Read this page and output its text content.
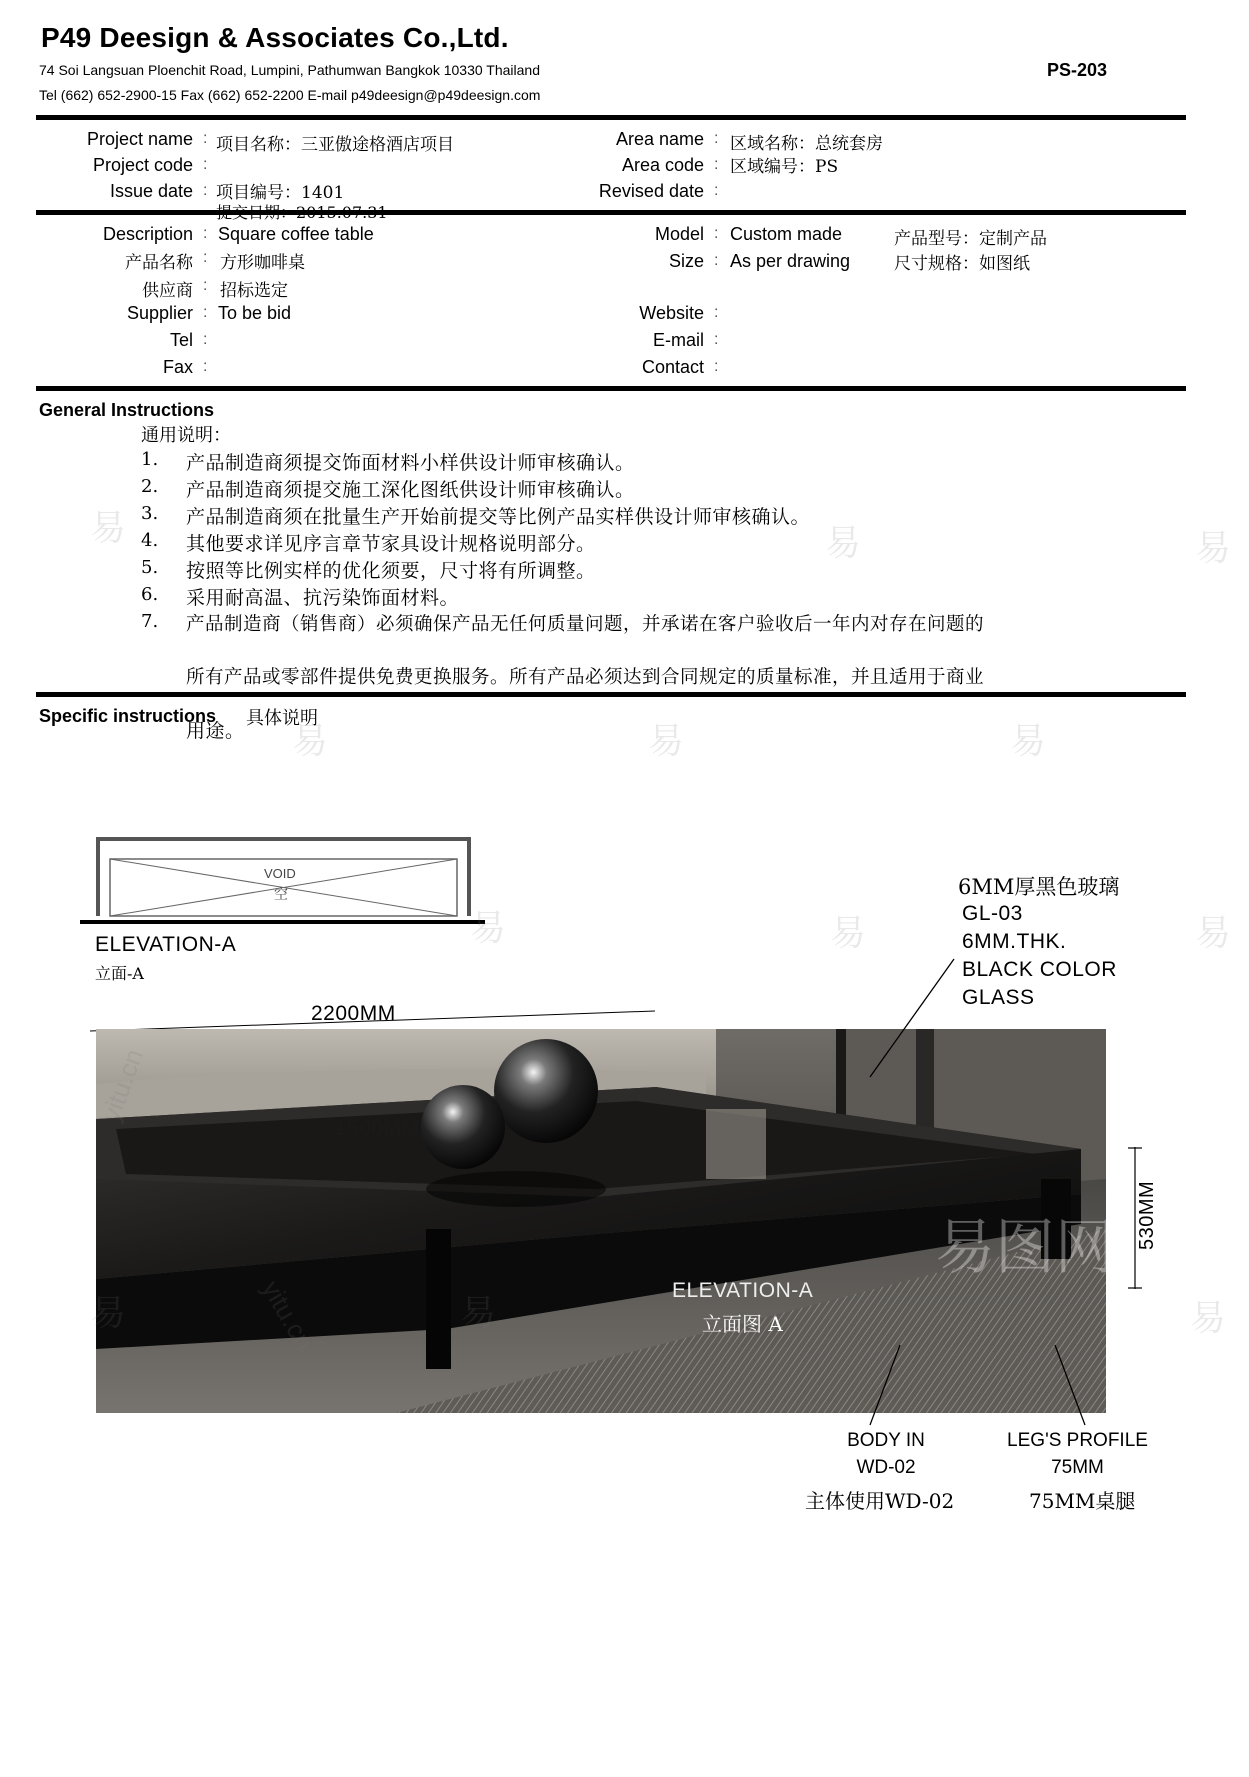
P49 Deesign & Associates Co.,Ltd.
74 Soi Langsuan Ploenchit Road, Lumpini, Pathumwan Bangkok 10330 Thailand
Tel (662) 652-2900-15 Fax (662) 652-2200 E-mail p49deesign@p49deesign.com
PS-203
Project name : 项目名称：三亚傲途格酒店项目
Project code :
Issue date : 项目编号：1401
Area name : 区域名称：总统套房
Area code : 区域编号：PS
Revised date :
Description : Square coffee table
产品名称 : 方形咖啡桌
供应商 : 招标选定
Supplier : To be bid
Tel :
Fax :
Model : Custom made	产品型号：定制产品
Size : As per drawing	尺寸规格：如图纸
Website :
E-mail :
Contact :
General Instructions
通用说明：
1. 产品制造商须提交饰面材料小样供设计师审核确认。
2. 产品制造商须提交施工深化图纸供设计师审核确认。
3. 产品制造商须在批量生产开始前提交等比例产品实样供设计师审核确认。
4. 其他要求详见序言章节家具设计规格说明部分。
5. 按照等比例实样的优化须要，尺寸将有所调整。
6. 采用耐高温、抗污染饰面材料。
7. 产品制造商（销售商）必须确保产品无任何质量问题，并承诺在客户验收后一年内对存在问题的
所有产品或零部件提供免费更换服务。所有产品必须达到合同规定的质量标准，并且适用于商业
用途。
Specific instructions 具体说明
VOID
空
ELEVATION-A
立面-A
2200MM
1500MM
ELEVATION-A
立面图 A
530MM
6MM厚黑色玻璃
GL-03
6MM.THK.
BLACK COLOR
GLASS
BODY IN
WD-02
主体使用WD-02
LEG'S PROFILE
75MM
75MM桌腿
易	易	易
易	易	易
易	易	易
易
易图网
